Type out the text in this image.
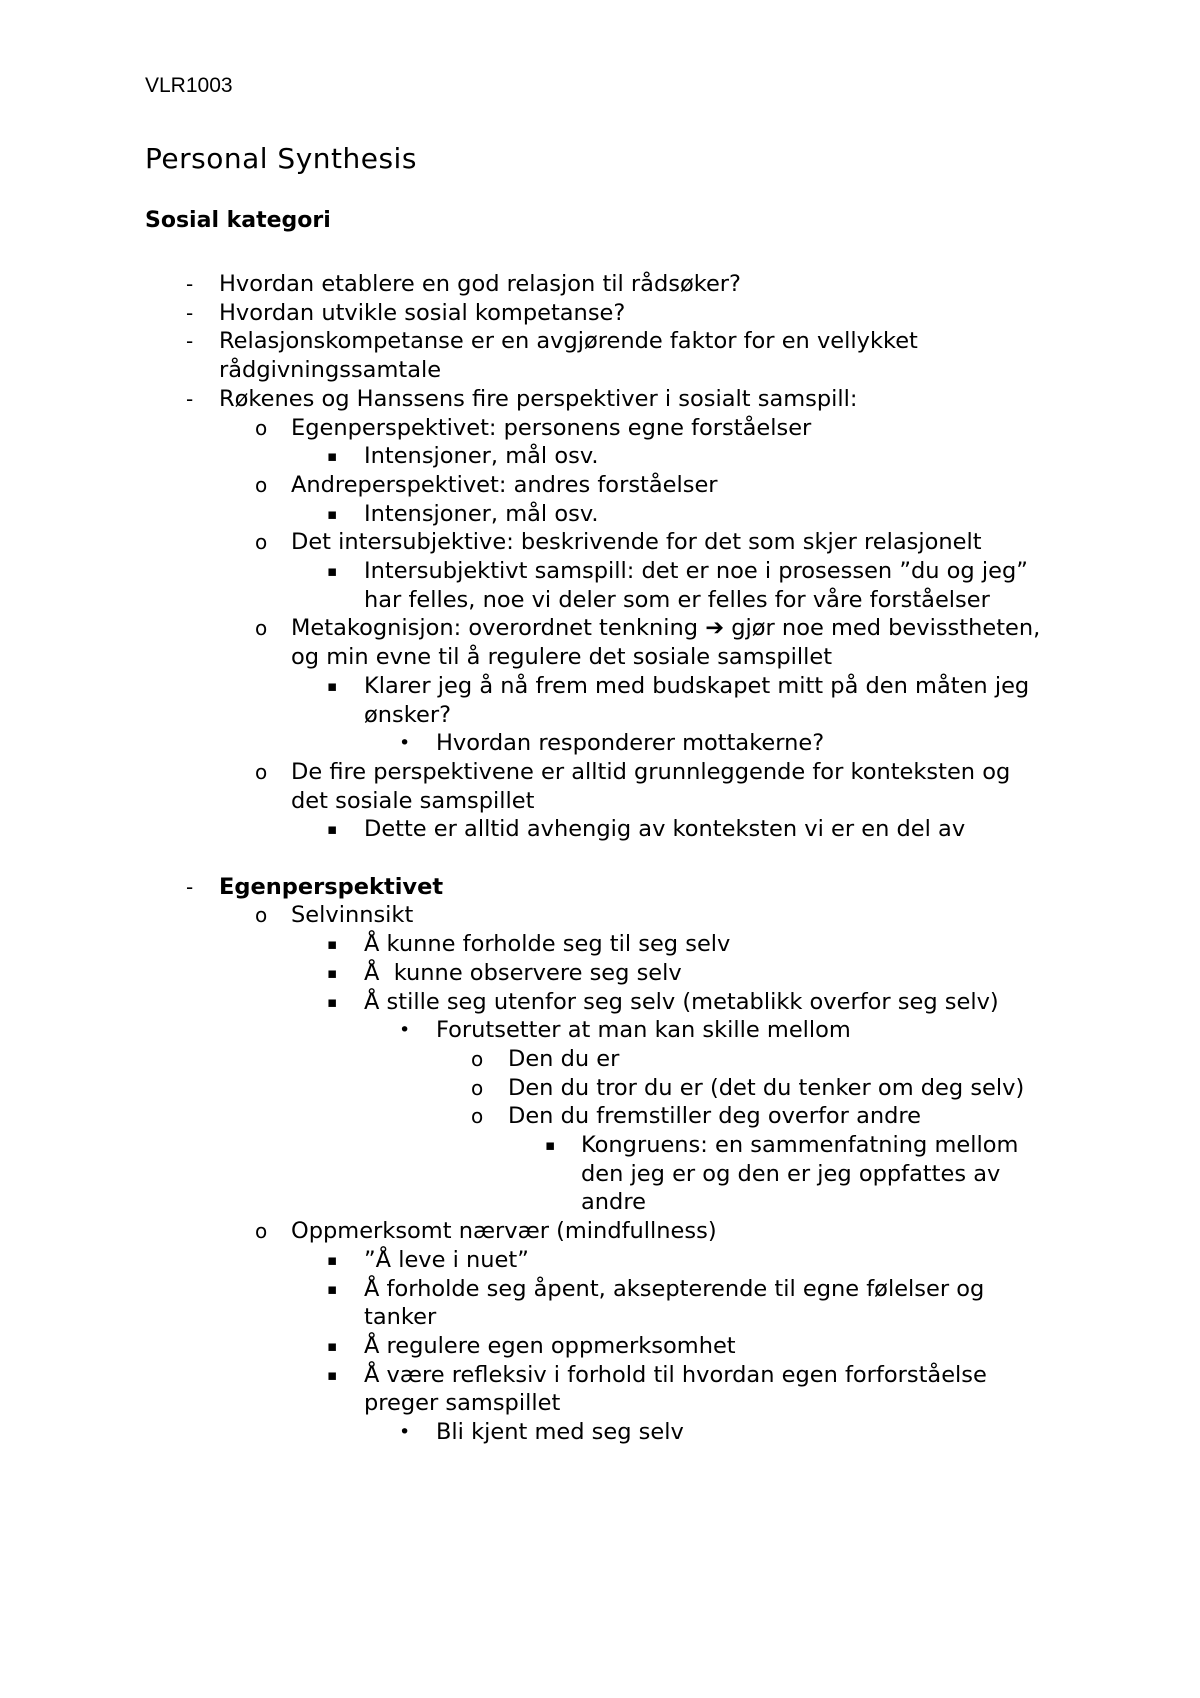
VLR1003
Personal Synthesis
Sosial kategori
- Hvordan etablere en god relasjon til rådsøker?
- Hvordan utvikle sosial kompetanse?
- Relasjonskompetanse er en avgjørende faktor for en vellykket rådgivningssamtale
- Røkenes og Hanssens fire perspektiver i sosialt samspill:
o Egenperspektivet: personens egne forståelser
▪ Intensjoner, mål osv.
o Andreperspektivet: andres forståelser
▪ Intensjoner, mål osv.
o Det intersubjektive: beskrivende for det som skjer relasjonelt
▪ Intersubjektivt samspill: det er noe i prosessen ”du og jeg” har felles, noe vi deler som er felles for våre forståelser
o Metakognisjon: overordnet tenkning ➔ gjør noe med bevisstheten, og min evne til å regulere det sosiale samspillet
▪ Klarer jeg å nå frem med budskapet mitt på den måten jeg ønsker?
• Hvordan responderer mottakerne?
o De fire perspektivene er alltid grunnleggende for konteksten og det sosiale samspillet
▪ Dette er alltid avhengig av konteksten vi er en del av
- Egenperspektivet
o Selvinnsikt
▪ Å kunne forholde seg til seg selv
▪ Å  kunne observere seg selv
▪ Å stille seg utenfor seg selv (metablikk overfor seg selv)
• Forutsetter at man kan skille mellom
o Den du er
o Den du tror du er (det du tenker om deg selv)
o Den du fremstiller deg overfor andre
▪ Kongruens: en sammenfatning mellom den jeg er og den er jeg oppfattes av andre
o Oppmerksomt nærvær (mindfullness)
▪ ”Å leve i nuet”
▪ Å forholde seg åpent, aksepterende til egne følelser og tanker
▪ Å regulere egen oppmerksomhet
▪ Å være refleksiv i forhold til hvordan egen forforståelse preger samspillet
• Bli kjent med seg selv
